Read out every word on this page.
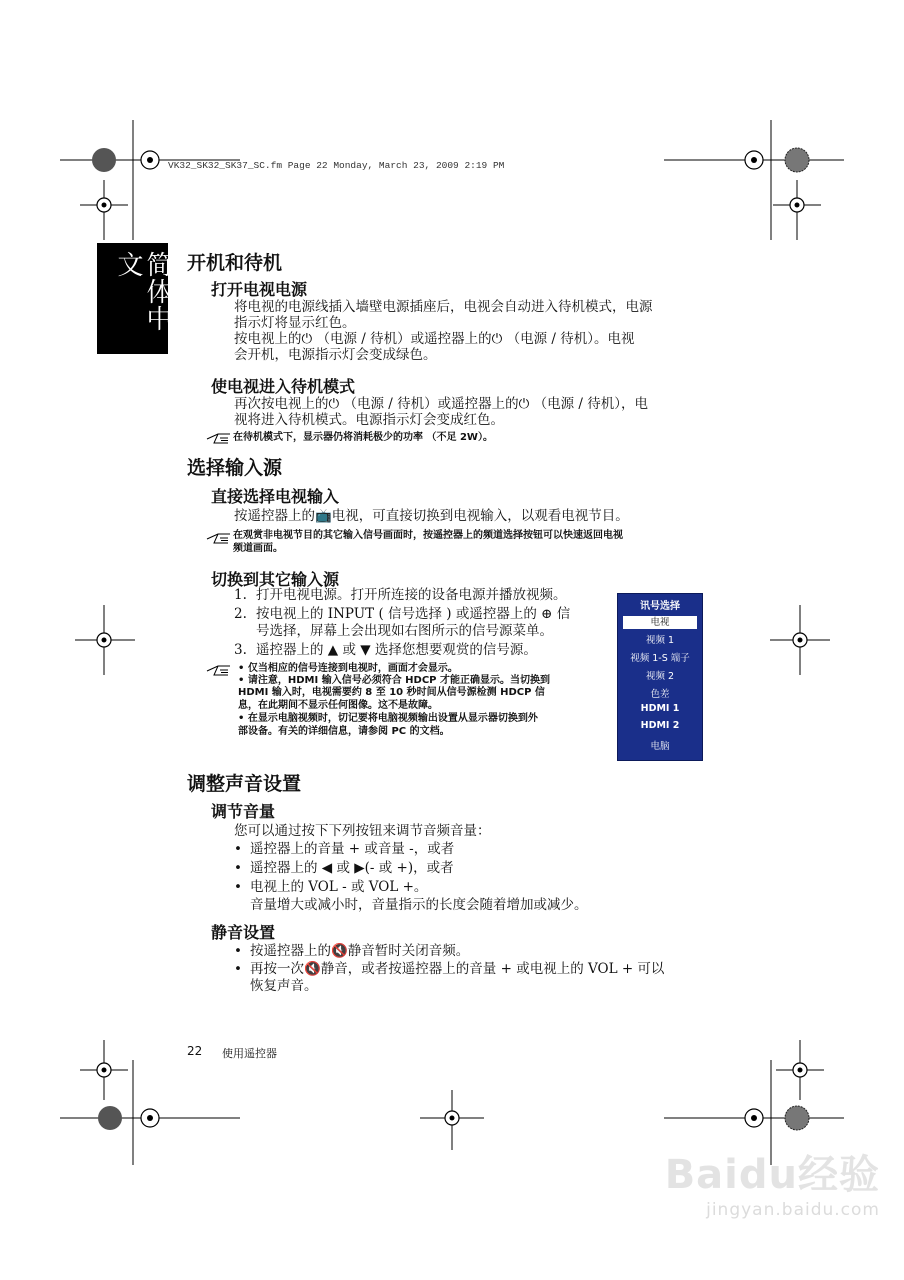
VK32_SK32_SK37_SC.fm Page 22 Monday, March 23, 2009 2:19 PM
简体中文	开机和待机
打开电视电源
将电视的电源线插入墙壁电源插座后，电视会自动进入待机模式，电源
指示灯将显示红色。
按电视上的⏻ （电源 / 待机）或遥控器上的⏻ （电源 / 待机）。电视
会开机，电源指示灯会变成绿色。
使电视进入待机模式
再次按电视上的⏻ （电源 / 待机）或遥控器上的⏻ （电源 / 待机），电
视将进入待机模式。电源指示灯会变成红色。
在待机模式下，显示器仍将消耗极少的功率 （不足 2W）。
选择输入源
直接选择电视输入
按遥控器上的📺电视，可直接切换到电视输入，以观看电视节目。
在观赏非电视节目的其它输入信号画面时，按遥控器上的频道选择按钮可以快速返回电视
频道画面。
切换到其它输入源
1. 打开电视电源。打开所连接的设备电源并播放视频。
2. 按电视上的 INPUT ( 信号选择 ) 或遥控器上的 ⊕ 信
号选择，屏幕上会出现如右图所示的信号源菜单。
3. 遥控器上的 ▲ 或 ▼ 选择您想要观赏的信号源。
• 仅当相应的信号连接到电视时，画面才会显示。
• 请注意，HDMI 输入信号必须符合 HDCP 才能正确显示。当切换到
HDMI 输入时，电视需要约 8 至 10 秒时间从信号源检测 HDCP 信
息，在此期间不显示任何图像。这不是故障。
• 在显示电脑视频时，切记要将电脑视频输出设置从显示器切换到外
部设备。有关的详细信息，请参阅 PC 的文档。
讯号选择
电视
视频 1
视频 1-S 端子
视频 2
色差
HDMI 1
HDMI 2
电脑
调整声音设置
调节音量
您可以通过按下下列按钮来调节音频音量：
• 遥控器上的音量 + 或音量 -，或者
• 遥控器上的 ◀ 或 ▶(- 或 +)，或者
• 电视上的 VOL - 或 VOL +。
音量增大或减小时，音量指示的长度会随着增加或减少。
静音设置
• 按遥控器上的🔇静音暂时关闭音频。
• 再按一次🔇静音，或者按遥控器上的音量 + 或电视上的 VOL + 可以
恢复声音。
22 使用遥控器
Baidu经验
jingyan.baidu.com
